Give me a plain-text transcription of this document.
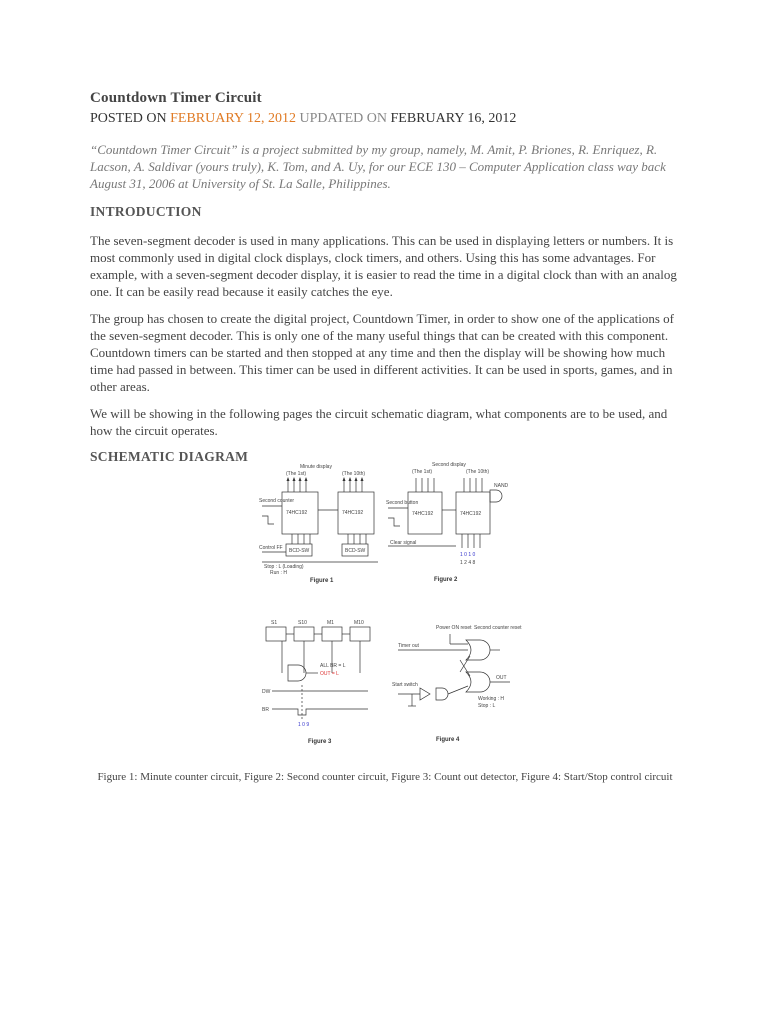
Countdown Timer Circuit
POSTED ON FEBRUARY 12, 2012 UPDATED ON FEBRUARY 16, 2012

“Countdown Timer Circuit” is a project submitted by my group, namely, M. Amit, P. Briones, R. Enriquez, R. Lacson, A. Saldivar (yours truly), K. Tom, and A. Uy, for our ECE 130 – Computer Application class way back August 31, 2006 at University of St. La Salle, Philippines.

INTRODUCTION

The seven-segment decoder is used in many applications. This can be used in displaying letters or numbers. It is most commonly used in digital clock displays, clock timers, and others. Using this has some advantages. For example, with a seven-segment decoder display, it is easier to read the time in a digital clock than with an analog one. It can be easily read because it easily catches the eye.

The group has chosen to create the digital project, Countdown Timer, in order to show one of the applications of the seven-segment decoder. This is only one of the many useful things that can be created with this component. Countdown timers can be started and then stopped at any time and then the display will be showing how much time had passed in between. This timer can be used in different activities. It can be used in sports, games, and in other areas.

We will be showing in the following pages the circuit schematic diagram, what components are to be used, and how the circuit operates.

SCHEMATIC DIAGRAM
Minute display
(The 1st)	(The 10th)
74HC192	74HC192
BCD-SW	BCD-SW
Second counter
Control FF
Stop : L (Loading)
Run : H
Figure 1
Second display
(The 1st)	(The 10th)
74HC192	74HC192
NAND
Second button
Clear signal
1 0 1 0
1 2 4 8
Figure 2
S1	S10	M1	M10
ALL BR = L
OUT = L
DW
BR
1 0 9
Figure 3
Power ON reset Second counter reset
Timer out
Start switch
OUT
Working : H
Stop : L
Figure 4
Figure 1: Minute counter circuit, Figure 2: Second counter circuit, Figure 3: Count out detector, Figure 4: Start/Stop control circuit
